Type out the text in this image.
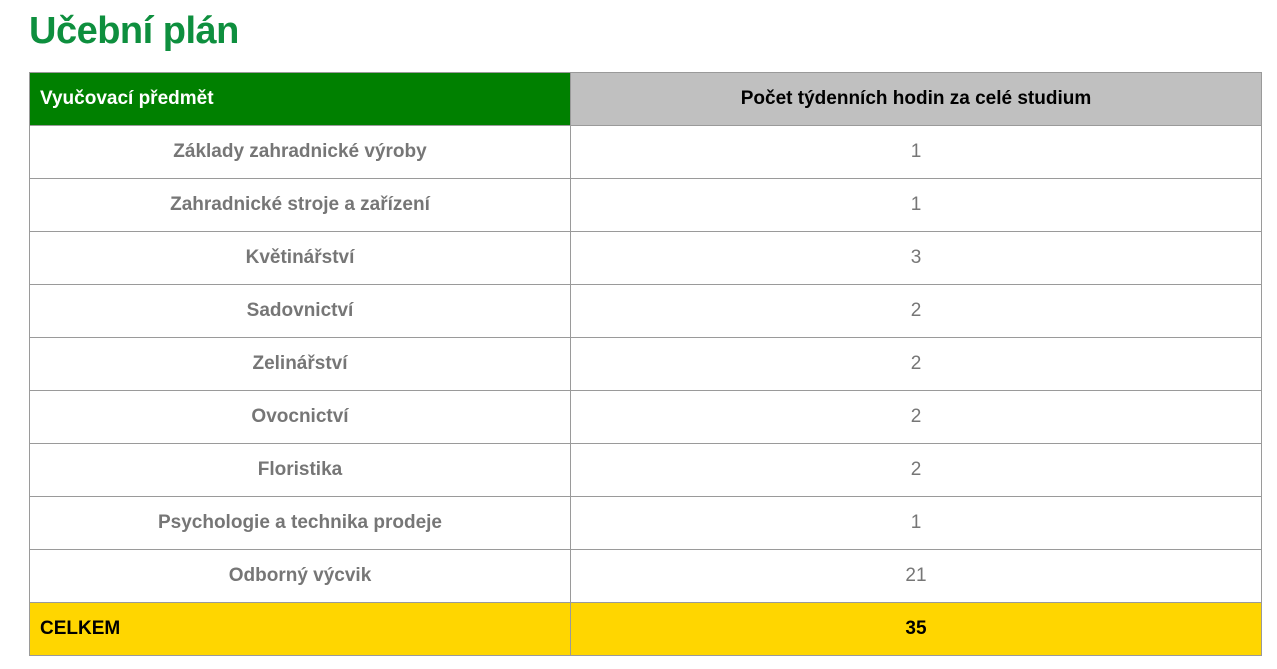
Učební plán
Vyučovací předmět	Počet týdenních hodin za celé studium
Základy zahradnické výroby	1
Zahradnické stroje a zařízení	1
Květinářství	3
Sadovnictví	2
Zelinářství	2
Ovocnictví	2
Floristika	2
Psychologie a technika prodeje	1
Odborný výcvik	21
CELKEM	35
